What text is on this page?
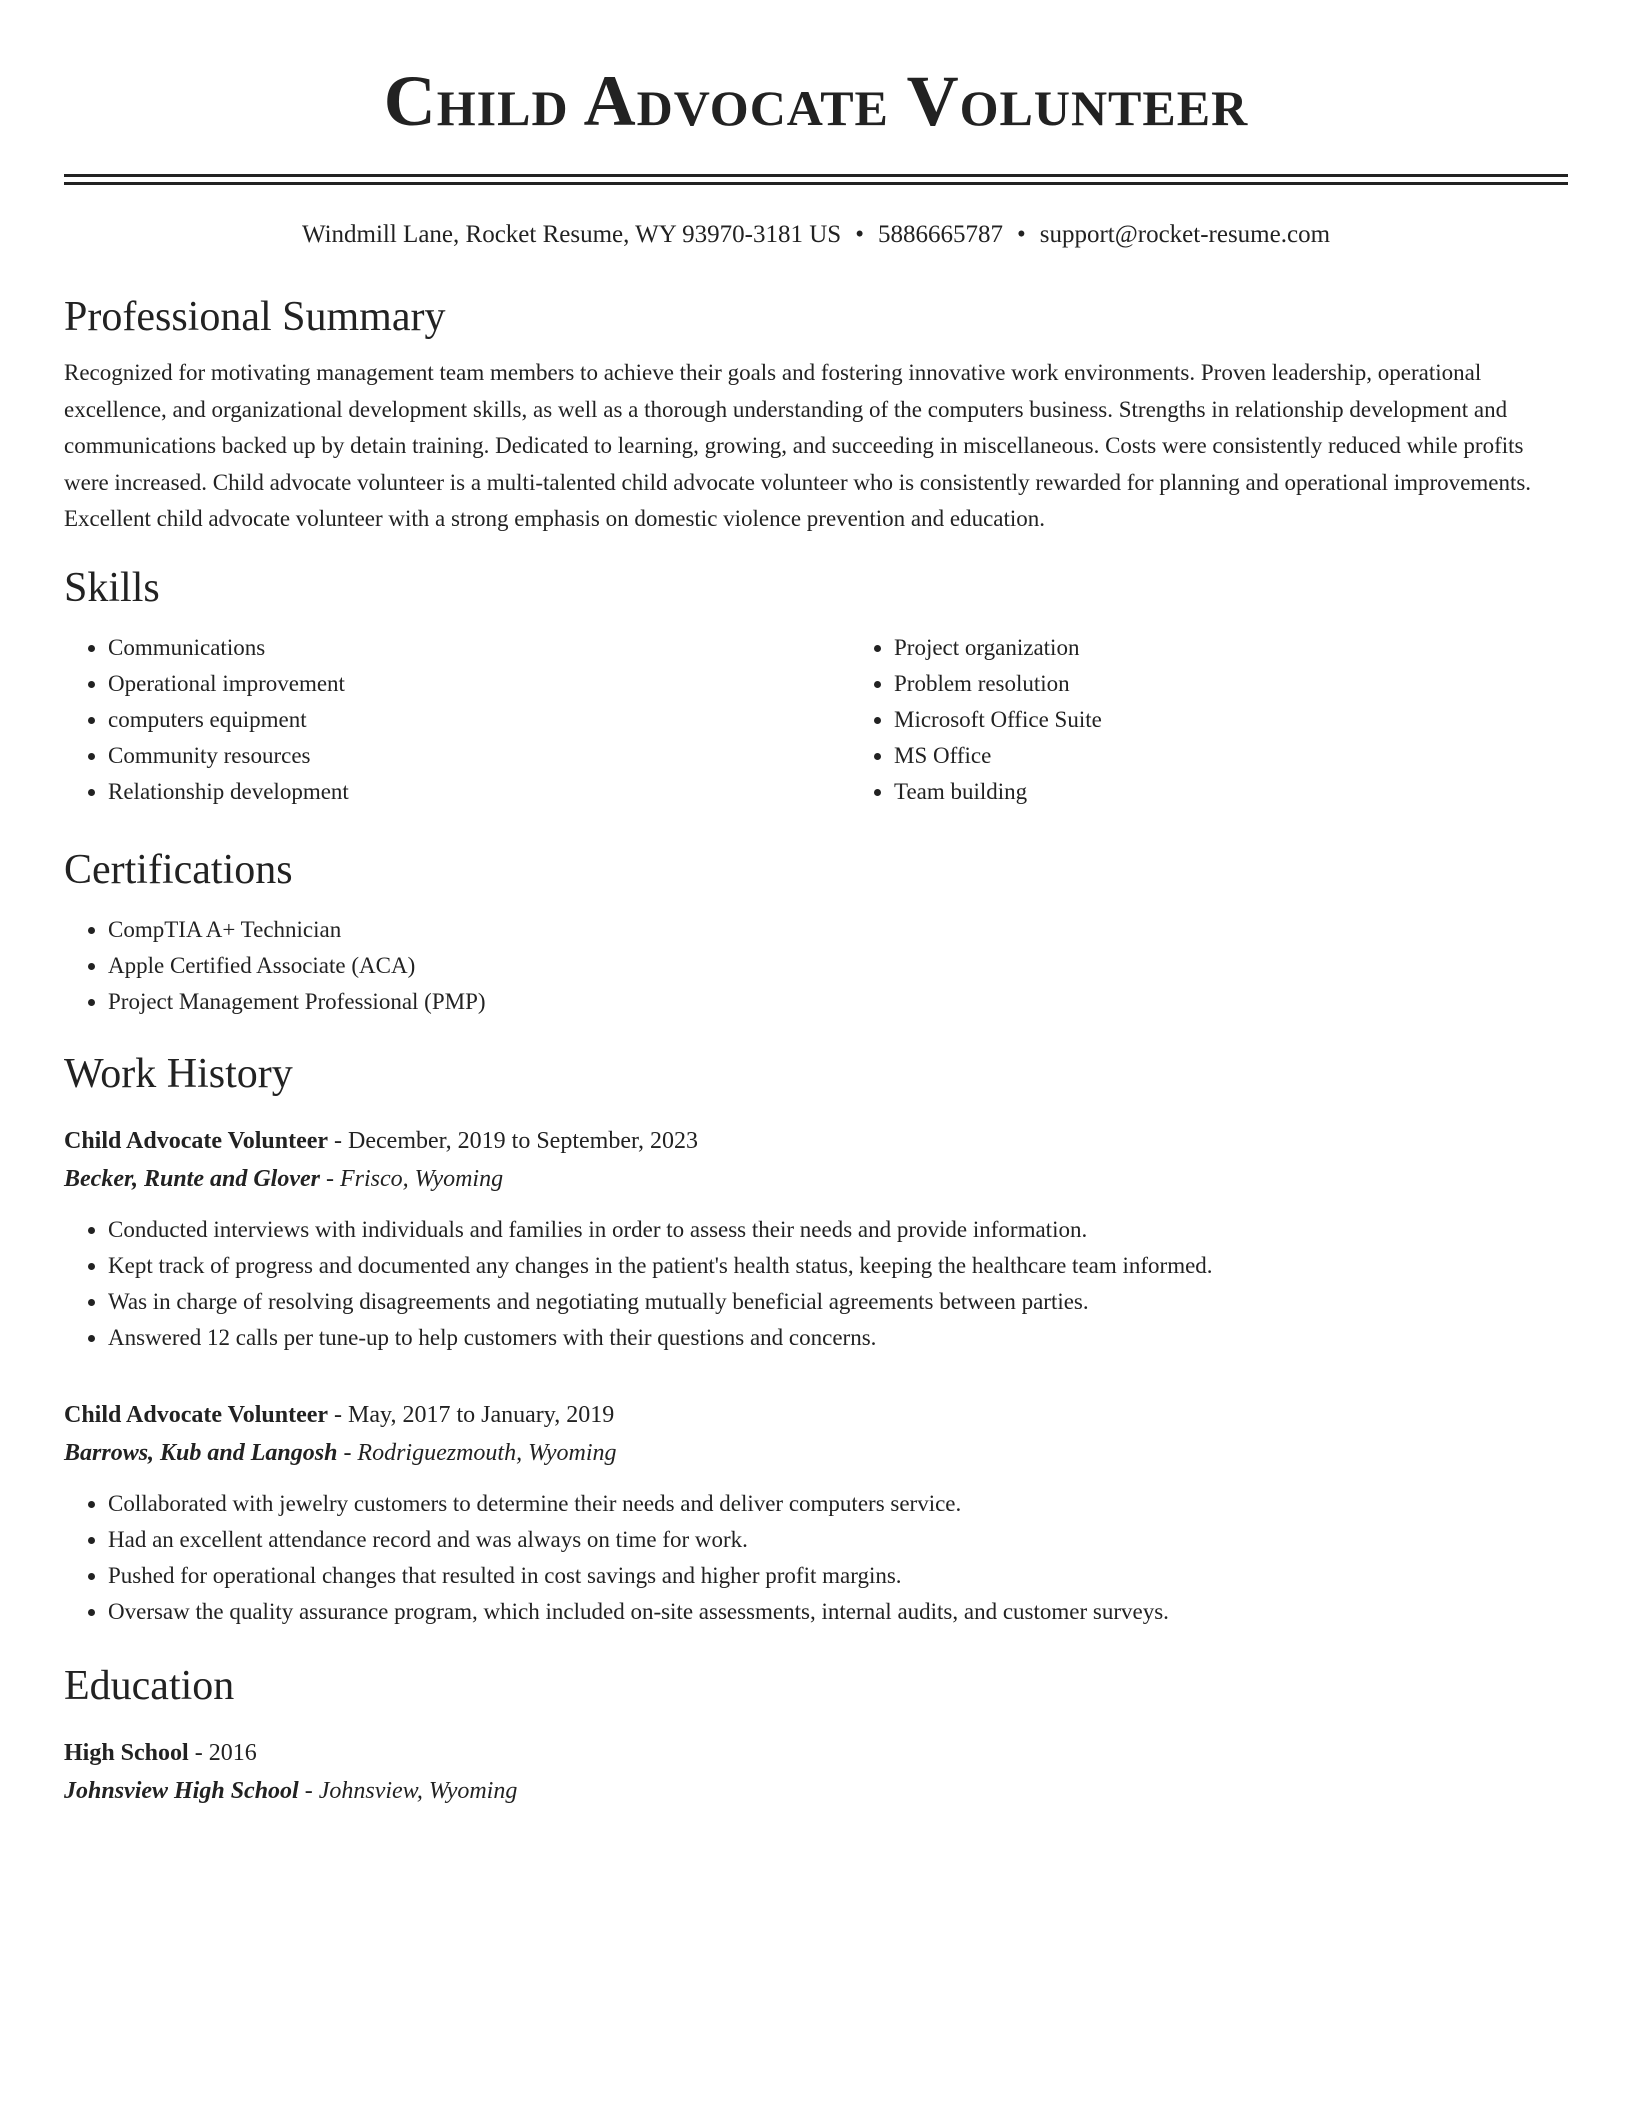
Child Advocate Volunteer
Windmill Lane, Rocket Resume, WY 93970-3181 US • 5886665787 • support@rocket-resume.com
Professional Summary

Recognized for motivating management team members to achieve their goals and fostering innovative work environments. Proven leadership, operational excellence, and organizational development skills, as well as a thorough understanding of the computers business. Strengths in relationship development and communications backed up by detain training. Dedicated to learning, growing, and succeeding in miscellaneous. Costs were consistently reduced while profits were increased. Child advocate volunteer is a multi-talented child advocate volunteer who is consistently rewarded for planning and operational improvements. Excellent child advocate volunteer with a strong emphasis on domestic violence prevention and education.

Skills
• Communications
• Operational improvement
• computers equipment
• Community resources
• Relationship development
• Project organization
• Problem resolution
• Microsoft Office Suite
• MS Office
• Team building
Certifications
• CompTIA A+ Technician
• Apple Certified Associate (ACA)
• Project Management Professional (PMP)
Work History
Child Advocate Volunteer - December, 2019 to September, 2023
Becker, Runte and Glover - Frisco, Wyoming
• Conducted interviews with individuals and families in order to assess their needs and provide information.
• Kept track of progress and documented any changes in the patient's health status, keeping the healthcare team informed.
• Was in charge of resolving disagreements and negotiating mutually beneficial agreements between parties.
• Answered 12 calls per tune-up to help customers with their questions and concerns.
Child Advocate Volunteer - May, 2017 to January, 2019
Barrows, Kub and Langosh - Rodriguezmouth, Wyoming
• Collaborated with jewelry customers to determine their needs and deliver computers service.
• Had an excellent attendance record and was always on time for work.
• Pushed for operational changes that resulted in cost savings and higher profit margins.
• Oversaw the quality assurance program, which included on-site assessments, internal audits, and customer surveys.
Education
High School - 2016
Johnsview High School - Johnsview, Wyoming
